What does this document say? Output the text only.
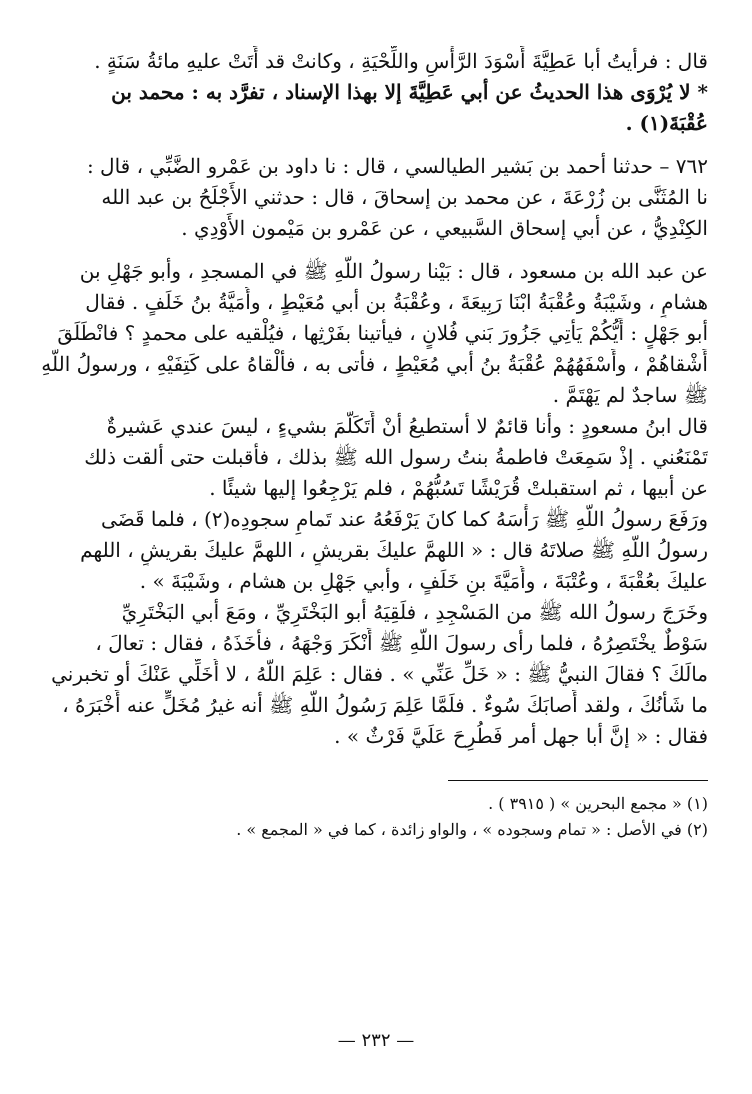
قال : فرأيتُ أبا عَطِيَّةَ أَسْوَدَ الرَّأْسِ واللِّحْيَةِ ، وكانتْ قد أَتَتْ عليهِ مائةُ سَنَةٍ .
* لا يُرْوَى هذا الحديثُ عن أبي عَطِيَّةَ إلا بهذا الإسناد ، تفرَّد به : محمد بن
عُقْبَةَ(١) .
٧٦٢ – حدثنا أحمد بن بَشير الطيالسي ، قال : نا داود بن عَمْرو الضَّبِّي ، قال :
نا المُثَنَّى بن زُرْعَةَ ، عن محمد بن إسحاقَ ، قال : حدثني الأَجْلَحُ بن عبد الله
الكِنْدِيُّ ، عن أبي إسحاق السَّبيعي ، عن عَمْرو بن مَيْمون الأَوْدِي .
عن عبد الله بن مسعود ، قال : بَيْنا رسولُ اللَّهِ ﷺ في المسجدِ ، وأبو جَهْلِ بن
هشامٍ ، وشَيْبَةُ وعُقْبَةُ ابْنَا رَبِيعَةَ ، وعُقْبَةُ بن أبي مُعَيْطٍ ، وأُمَيَّةُ بنُ خَلَفٍ . فقال
أبو جَهْلٍ : أَيُّكُمْ يَأْتِي جَزُورَ بَني فُلانٍ ، فيأتينا بفَرْثِها ، فيُلْقيه على محمدٍ ؟ فانْطَلَقَ
أَشْقاهُمْ ، وأَسْفَهُهُمْ عُقْبَةُ بنُ أبي مُعَيْطٍ ، فأتى به ، فأَلْقاهُ على كَتِفَيْهِ ، ورسولُ اللَّهِ
ﷺ ساجدٌ لم يَهْتَمَّ .
قال ابنُ مسعودٍ : وأنا قائمٌ لا أستطيعُ أنْ أَتَكَلَّمَ بشيءٍ ، ليسَ عندي عَشيرةٌ
تَمْنَعُني . إذْ سَمِعَتْ فاطمةُ بنتُ رسول الله ﷺ بذلك ، فأقبلت حتى ألقت ذلك
عن أبيها ، ثم استقبلتْ قُرَيْشًا تَسُبُّهُمْ ، فلم يَرْجِعُوا إليها شيئًا .
ورَفَعَ رسولُ اللَّهِ ﷺ رَأْسَهُ كما كانَ يَرْفَعُهُ عند تَمامِ سجودِه(٢) ، فلما قَضَى
رسولُ اللَّهِ ﷺ صلاتَهُ قال : « اللهمَّ عليكَ بقريشٍ ، اللهمَّ عليكَ بقريشٍ ، اللهم
عليكَ بعُقْبَةَ ، وعُتْبَةَ ، وأُمَيَّةَ بنِ خَلَفٍ ، وأبي جَهْلِ بن هشام ، وشَيْبَةَ » .
وخَرَجَ رسولُ الله ﷺ من المَسْجِدِ ، فلَقِيَهُ أبو البَخْتَرِيِّ ، ومَعَ أبي البَخْتَرِيِّ
سَوْطٌ يخْتَصِرُهُ ، فلما رأى رسولَ اللَّهِ ﷺ أَنْكَرَ وَجْهَهُ ، فأَخَذَهُ ، فقال : تعالَ ،
مالَكَ ؟ فقالَ النبيُّ ﷺ : « خَلِّ عَنِّي » . فقال : عَلِمَ اللَّهُ ، لا أُخَلِّي عَنْكَ أو تخبرني
ما شَأْنُكَ ، ولقد أَصابَكَ سُوءٌ . فلَمَّا عَلِمَ رَسُولُ اللَّهِ ﷺ أنه غيرُ مُخَلٍّ عنه أَخْبَرَهُ ،
فقال : « إنَّ أبا جهل أمر فَطُرِحَ عَلَيَّ فَرْثٌ » .
(١) « مجمع البحرين » ( ٣٩١٥ ) .
(٢) في الأصل : « تمام وسجوده » ، والواو زائدة ، كما في « المجمع » .
— ٢٣٢ —
